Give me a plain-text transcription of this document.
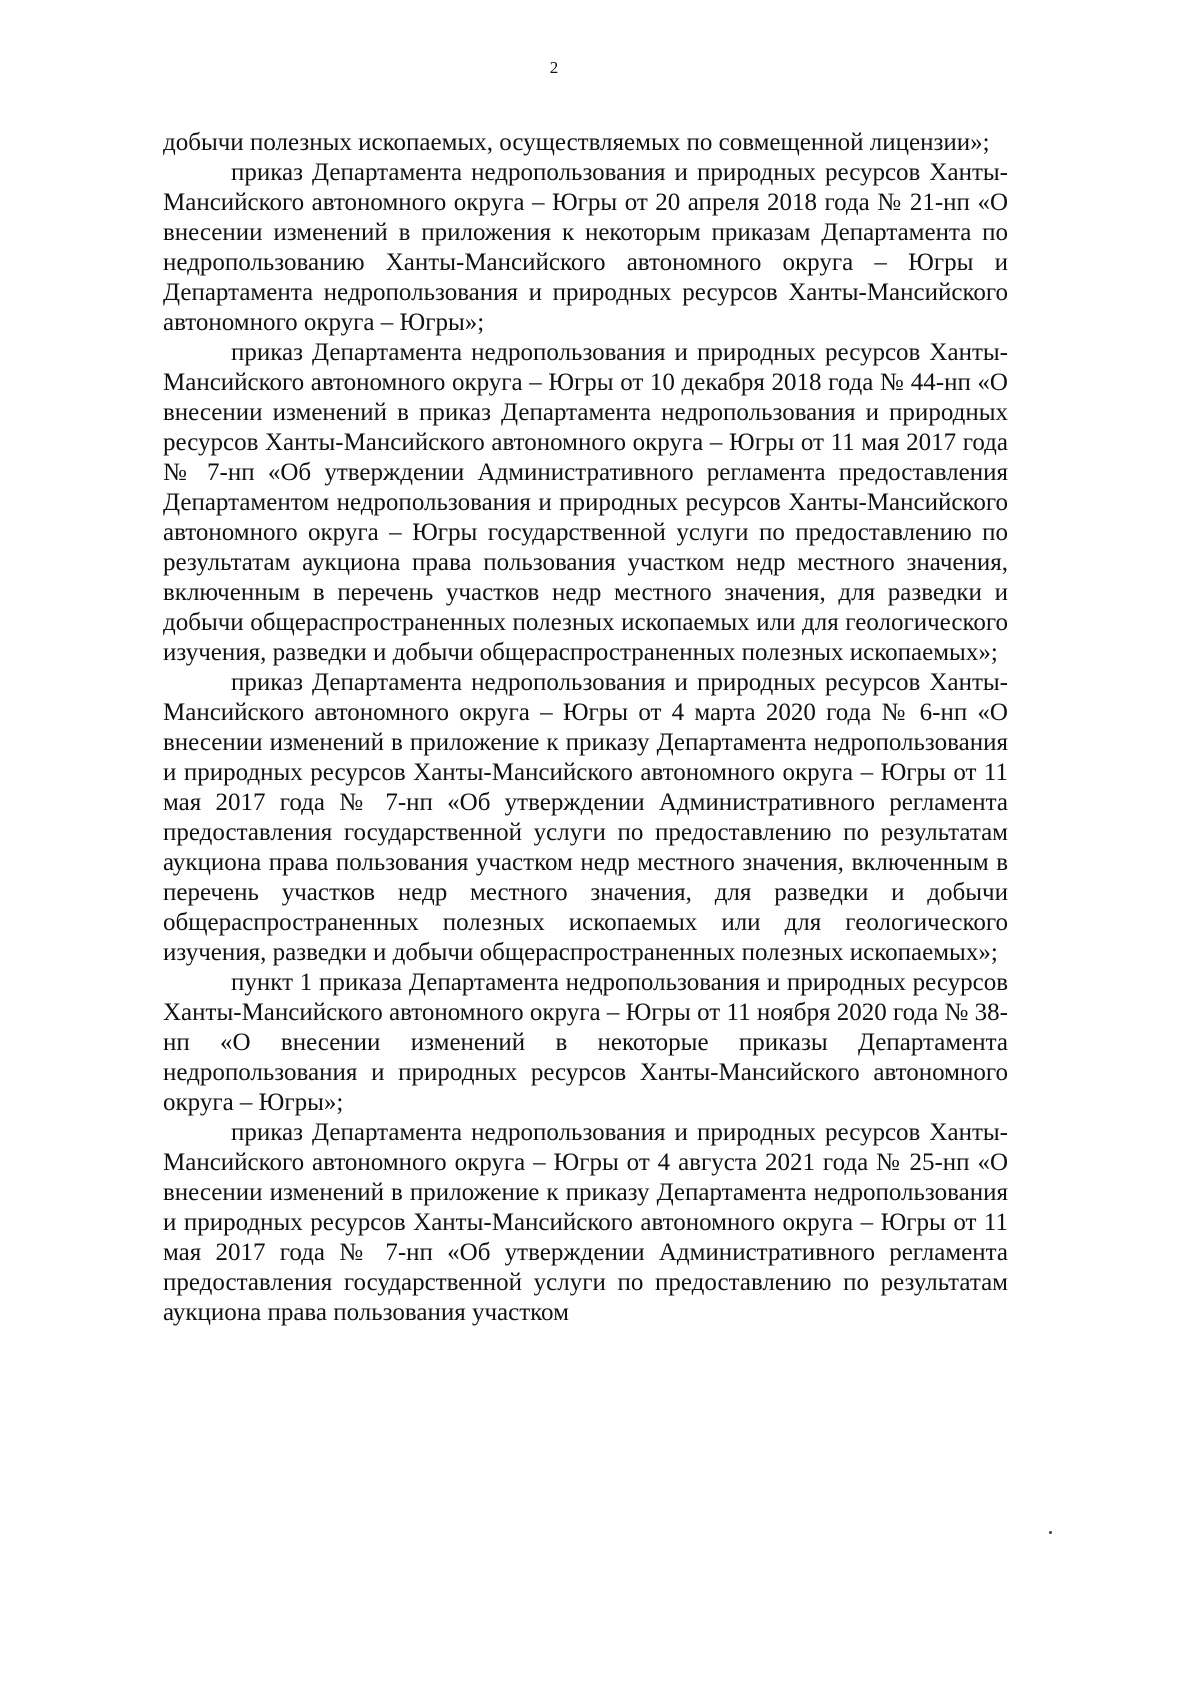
2

добычи полезных ископаемых, осуществляемых по совмещенной лицензии»;

приказ Департамента недропользования и природных ресурсов Ханты-Мансийского автономного округа – Югры от 20 апреля 2018 года № 21-нп «О внесении изменений в приложения к некоторым приказам Департамента по недропользованию Ханты-Мансийского автономного округа – Югры и Департамента недропользования и природных ресурсов Ханты-Мансийского автономного округа – Югры»;

приказ Департамента недропользования и природных ресурсов Ханты-Мансийского автономного округа – Югры от 10 декабря 2018 года № 44-нп «О внесении изменений в приказ Департамента недропользования и природных ресурсов Ханты-Мансийского автономного округа – Югры от 11 мая 2017 года № 7-нп «Об утверждении Административного регламента предоставления Департаментом недропользования и природных ресурсов Ханты-Мансийского автономного округа – Югры государственной услуги по предоставлению по результатам аукциона права пользования участком недр местного значения, включенным в перечень участков недр местного значения, для разведки и добычи общераспространенных полезных ископаемых или для геологического изучения, разведки и добычи общераспространенных полезных ископаемых»;

приказ Департамента недропользования и природных ресурсов Ханты-Мансийского автономного округа – Югры от 4 марта 2020 года № 6-нп «О внесении изменений в приложение к приказу Департамента недропользования и природных ресурсов Ханты-Мансийского автономного округа – Югры от 11 мая 2017 года № 7-нп «Об утверждении Административного регламента предоставления государственной услуги по предоставлению по результатам аукциона права пользования участком недр местного значения, включенным в перечень участков недр местного значения, для разведки и добычи общераспространенных полезных ископаемых или для геологического изучения, разведки и добычи общераспространенных полезных ископаемых»;

пункт 1 приказа Департамента недропользования и природных ресурсов Ханты-Мансийского автономного округа – Югры от 11 ноября 2020 года № 38-нп «О внесении изменений в некоторые приказы Департамента недропользования и природных ресурсов Ханты-Мансийского автономного округа – Югры»;

приказ Департамента недропользования и природных ресурсов Ханты-Мансийского автономного округа – Югры от 4 августа 2021 года № 25-нп «О внесении изменений в приложение к приказу Департамента недропользования и природных ресурсов Ханты-Мансийского автономного округа – Югры от 11 мая 2017 года № 7-нп «Об утверждении Административного регламента предоставления государственной услуги по предоставлению по результатам аукциона права пользования участком
